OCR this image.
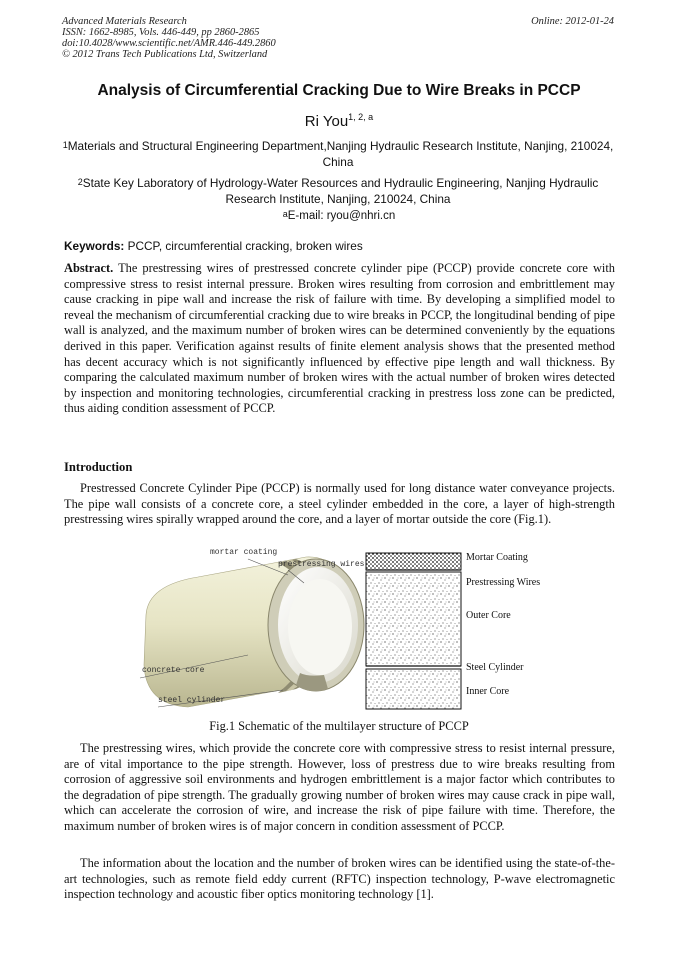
Advanced Materials Research
ISSN: 1662-8985, Vols. 446-449, pp 2860-2865
doi:10.4028/www.scientific.net/AMR.446-449.2860
© 2012 Trans Tech Publications Ltd, Switzerland
Online: 2012-01-24
Analysis of Circumferential Cracking Due to Wire Breaks in PCCP
Ri You$^{1, 2, a}$
$^1$Materials and Structural Engineering Department,Nanjing Hydraulic Research Institute, Nanjing, 210024, China
$^2$State Key Laboratory of Hydrology-Water Resources and Hydraulic Engineering, Nanjing Hydraulic Research Institute, Nanjing, 210024, China
$^a$E-mail: ryou@nhri.cn
Keywords: PCCP, circumferential cracking, broken wires
Abstract. The prestressing wires of prestressed concrete cylinder pipe (PCCP) provide concrete core with compressive stress to resist internal pressure. Broken wires resulting from corrosion and embrittlement may cause cracking in pipe wall and increase the risk of failure with time. By developing a simplified model to reveal the mechanism of circumferential cracking due to wire breaks in PCCP, the longitudinal bending of pipe wall is analyzed, and the maximum number of broken wires can be determined conveniently by the equations derived in this paper. Verification against results of finite element analysis shows that the presented method has decent accuracy which is not significantly influenced by effective pipe length and wall thickness. By comparing the calculated maximum number of broken wires with the actual number of broken wires detected by inspection and monitoring technologies, circumferential cracking in prestress loss zone can be predicted, thus aiding condition assessment of PCCP.
Introduction
Prestressed Concrete Cylinder Pipe (PCCP) is normally used for long distance water conveyance projects. The pipe wall consists of a concrete core, a steel cylinder embedded in the core, a layer of high-strength prestressing wires spirally wrapped around the core, and a layer of mortar outside the core (Fig.1).
mortar coating
prestressing wires
concrete core
steel cylinder
Mortar Coating
Prestressing Wires
Outer Core
Steel Cylinder
Inner Core
Fig.1 Schematic of the multilayer structure of PCCP
The prestressing wires, which provide the concrete core with compressive stress to resist internal pressure, are of vital importance to the pipe strength. However, loss of prestress due to wire breaks resulting from corrosion of aggressive soil environments and hydrogen embrittlement is a major factor which contributes to the degradation of pipe strength. The gradually growing number of broken wires may cause crack in pipe wall, which can accelerate the corrosion of wire, and increase the risk of pipe failure with time. Therefore, the maximum number of broken wires is of major concern in condition assessment of PCCP.
The information about the location and the number of broken wires can be identified using the state-of-the-art technologies, such as remote field eddy current (RFTC) inspection technology, P-wave electromagnetic inspection technology and acoustic fiber optics monitoring technology [1].
